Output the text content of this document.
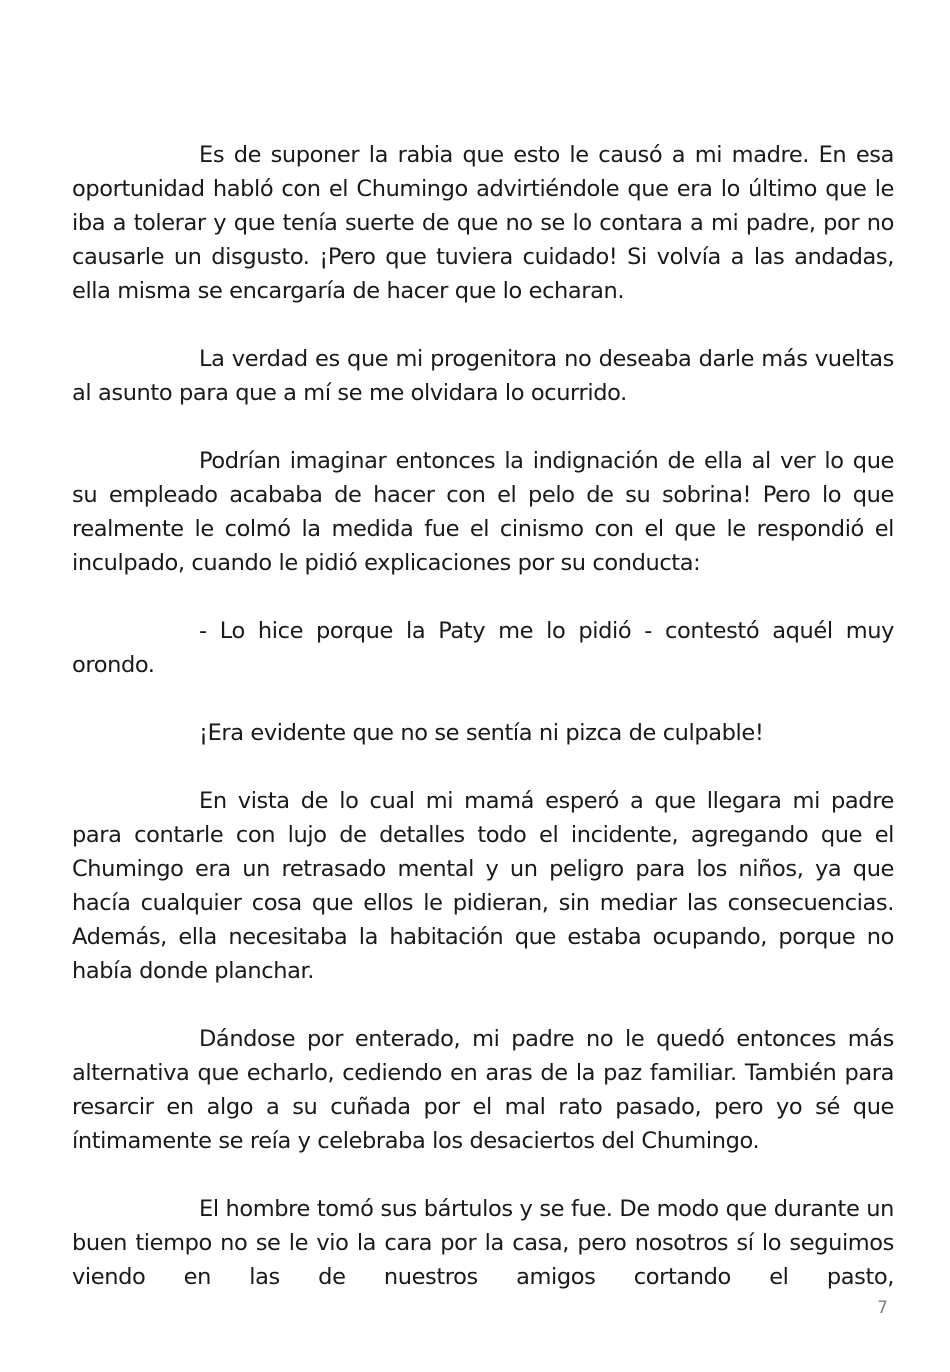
Es de suponer la rabia que esto le causó a mi madre. En esa oportunidad habló con el Chumingo advirtiéndole que era lo último que le iba a tolerar y que tenía suerte de que no se lo contara a mi padre, por no causarle un disgusto. ¡Pero que tuviera cuidado! Si volvía a las andadas, ella misma se encargaría de hacer que lo echaran.

La verdad es que mi progenitora no deseaba darle más vueltas al asunto para que a mí se me olvidara lo ocurrido.

Podrían imaginar entonces la indignación de ella al ver lo que su empleado acababa de hacer con el pelo de su sobrina! Pero lo que realmente le colmó la medida fue el cinismo con el que le respondió el inculpado, cuando le pidió explicaciones por su conducta:

- Lo hice porque la Paty me lo pidió - contestó aquél muy orondo.

¡Era evidente que no se sentía ni pizca de culpable!

En vista de lo cual mi mamá esperó a que llegara mi padre para contarle con lujo de detalles todo el incidente, agregando que el Chumingo era un retrasado mental y un peligro para los niños, ya que hacía cualquier cosa que ellos le pidieran, sin mediar las consecuencias. Además, ella necesitaba la habitación que estaba ocupando, porque no había donde planchar.

Dándose por enterado, mi padre no le quedó entonces más alternativa que echarlo, cediendo en aras de la paz familiar. También para resarcir en algo a su cuñada por el mal rato pasado, pero yo sé que íntimamente se reía y celebraba los desaciertos del Chumingo.

El hombre tomó sus bártulos y se fue. De modo que durante un buen tiempo no se le vio la cara por la casa, pero nosotros sí lo seguimos viendo en las de nuestros amigos cortando el pasto,

7
